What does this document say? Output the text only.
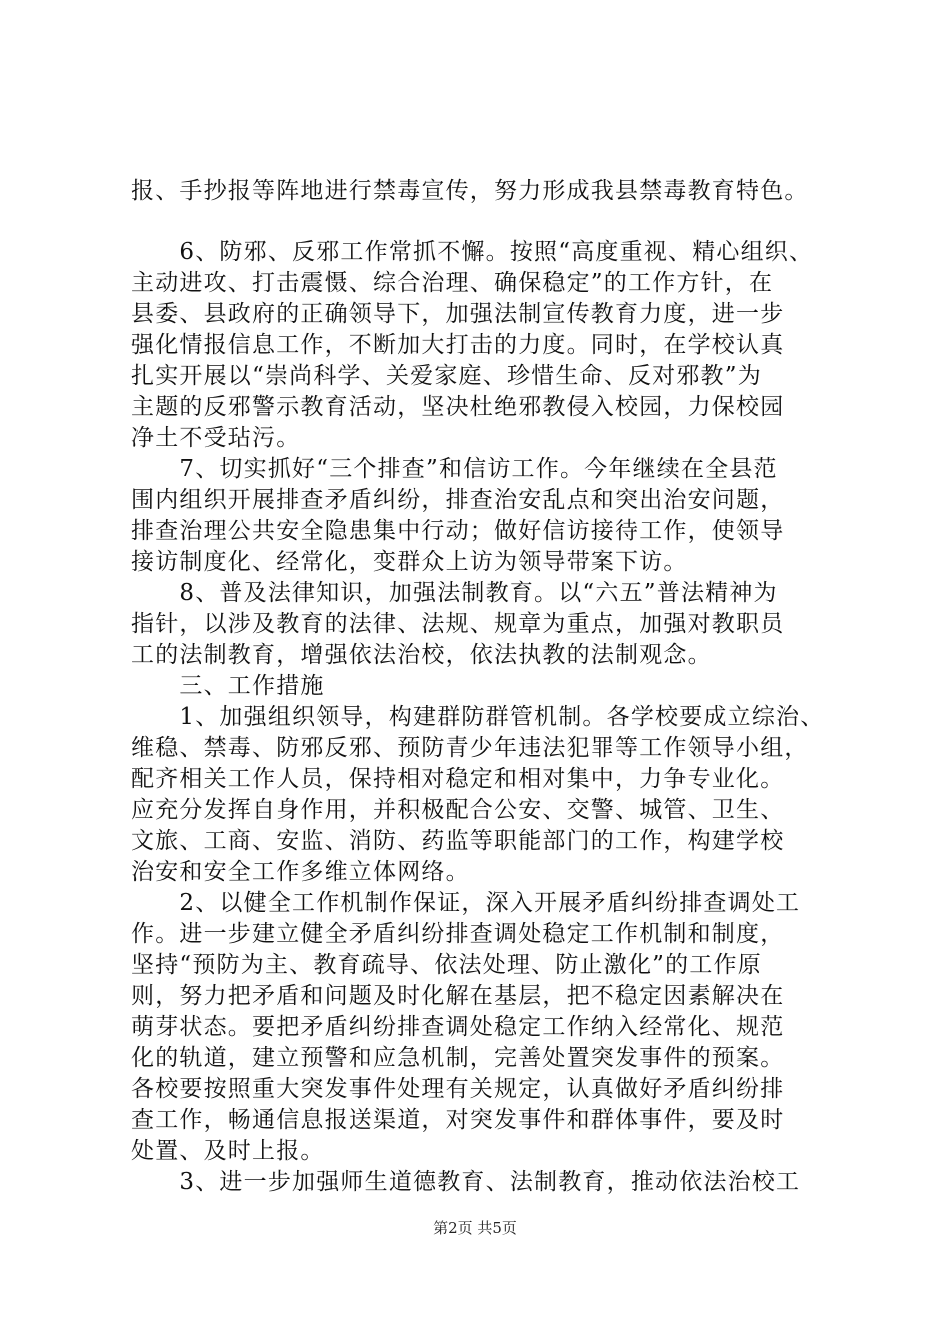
报、手抄报等阵地进行禁毒宣传，努力形成我县禁毒教育特色。
　　6、防邪、反邪工作常抓不懈。按照“高度重视、精心组织、
主动进攻、打击震慑、综合治理、确保稳定”的工作方针，在
县委、县政府的正确领导下，加强法制宣传教育力度，进一步
强化情报信息工作，不断加大打击的力度。同时，在学校认真
扎实开展以“崇尚科学、关爱家庭、珍惜生命、反对邪教”为
主题的反邪警示教育活动，坚决杜绝邪教侵入校园，力保校园
净土不受玷污。
　　7、切实抓好“三个排查”和信访工作。今年继续在全县范
围内组织开展排查矛盾纠纷，排查治安乱点和突出治安问题，
排查治理公共安全隐患集中行动；做好信访接待工作，使领导
接访制度化、经常化，变群众上访为领导带案下访。
　　8、普及法律知识，加强法制教育。以“六五”普法精神为
指针，以涉及教育的法律、法规、规章为重点，加强对教职员
工的法制教育，增强依法治校，依法执教的法制观念。
　　三、工作措施
　　1、加强组织领导，构建群防群管机制。各学校要成立综治、
维稳、禁毒、防邪反邪、预防青少年违法犯罪等工作领导小组，
配齐相关工作人员，保持相对稳定和相对集中，力争专业化。
应充分发挥自身作用，并积极配合公安、交警、城管、卫生、
文旅、工商、安监、消防、药监等职能部门的工作，构建学校
治安和安全工作多维立体网络。
　　2、以健全工作机制作保证，深入开展矛盾纠纷排查调处工
作。进一步建立健全矛盾纠纷排查调处稳定工作机制和制度，
坚持“预防为主、教育疏导、依法处理、防止激化”的工作原
则，努力把矛盾和问题及时化解在基层，把不稳定因素解决在
萌芽状态。要把矛盾纠纷排查调处稳定工作纳入经常化、规范
化的轨道，建立预警和应急机制，完善处置突发事件的预案。
各校要按照重大突发事件处理有关规定，认真做好矛盾纠纷排
查工作，畅通信息报送渠道，对突发事件和群体事件，要及时
处置、及时上报。
　　3、进一步加强师生道德教育、法制教育，推动依法治校工
第2页 共5页
